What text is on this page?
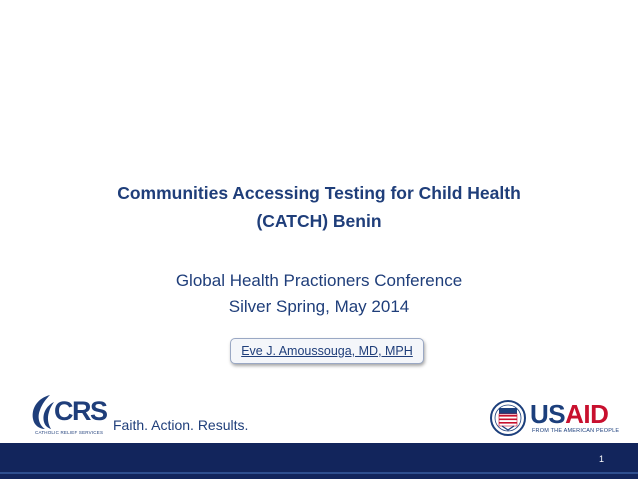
Communities Accessing Testing for Child Health
(CATCH) Benin
Global Health Practioners Conference
Silver Spring, May 2014
Eve J. Amoussouga, MD, MPH
CRS
CATHOLIC RELIEF SERVICES Faith. Action. Results.	USAID
FROM THE AMERICAN PEOPLE
1
